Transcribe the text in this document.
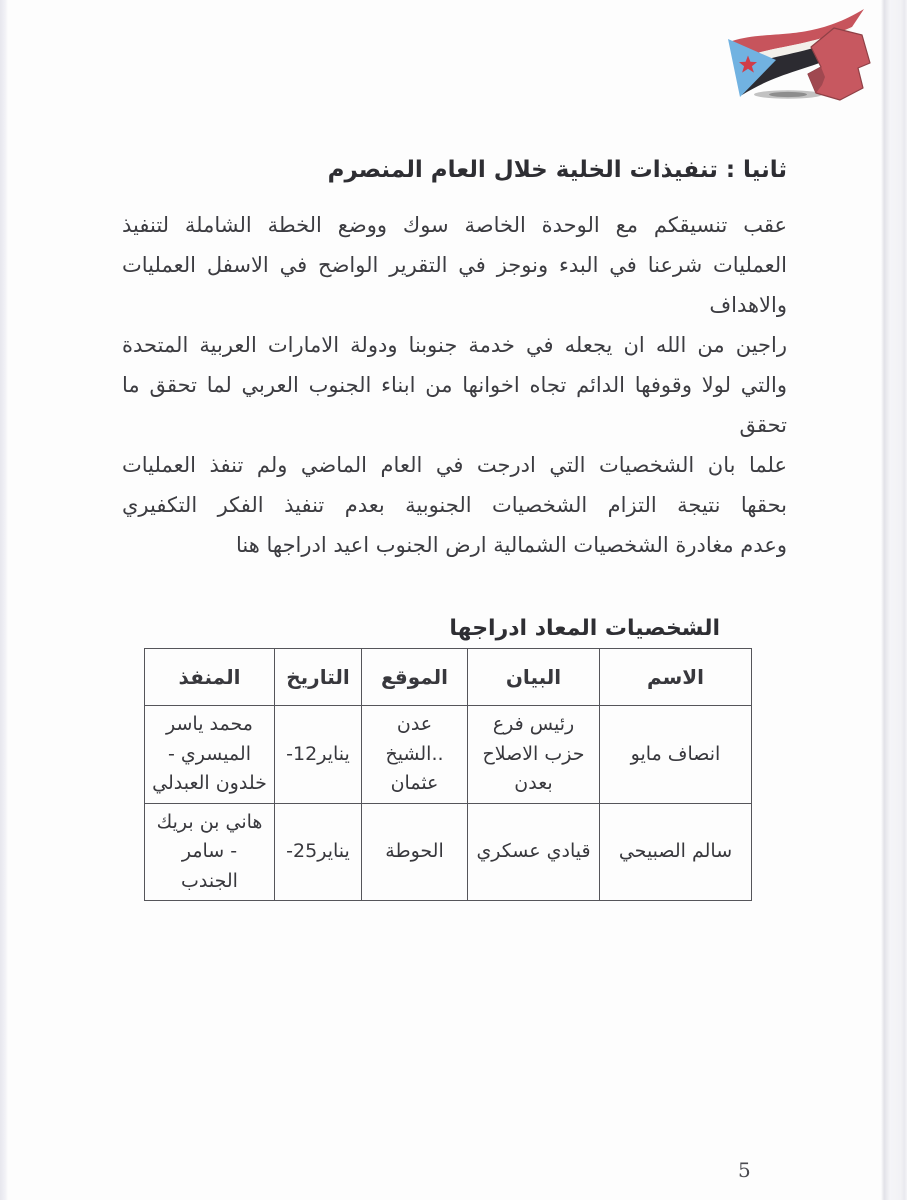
ثانيا : تنفيذات الخلية خلال العام المنصرم
عقب تنسيقكم مع الوحدة الخاصة سوك ووضع الخطة الشاملة لتنفيذ
العمليات شرعنا في البدء ونوجز في التقرير الواضح في الاسفل العمليات
والاهداف
راجين من الله ان يجعله في خدمة جنوبنا ودولة الامارات العربية المتحدة
والتي لولا وقوفها الدائم تجاه اخوانها من ابناء الجنوب العربي لما تحقق ما
تحقق
علما بان الشخصيات التي ادرجت في العام الماضي ولم تنفذ العمليات
بحقها نتيجة التزام الشخصيات الجنوبية بعدم تنفيذ الفكر التكفيري
وعدم مغادرة الشخصيات الشمالية ارض الجنوب اعيد ادراجها هنا
الشخصيات المعاد ادراجها
الاسم	البيان	الموقع	التاريخ	المنفذ
انصاف مايو	رئيس فرع حزب الاصلاح بعدن	عدن ..الشيخ عثمان	-12يناير	محمد ياسر الميسري - خلدون العبدلي
سالم الصبيحي	قيادي عسكري	الحوطة	-25يناير	هاني بن بريك - سامر الجندب
5
